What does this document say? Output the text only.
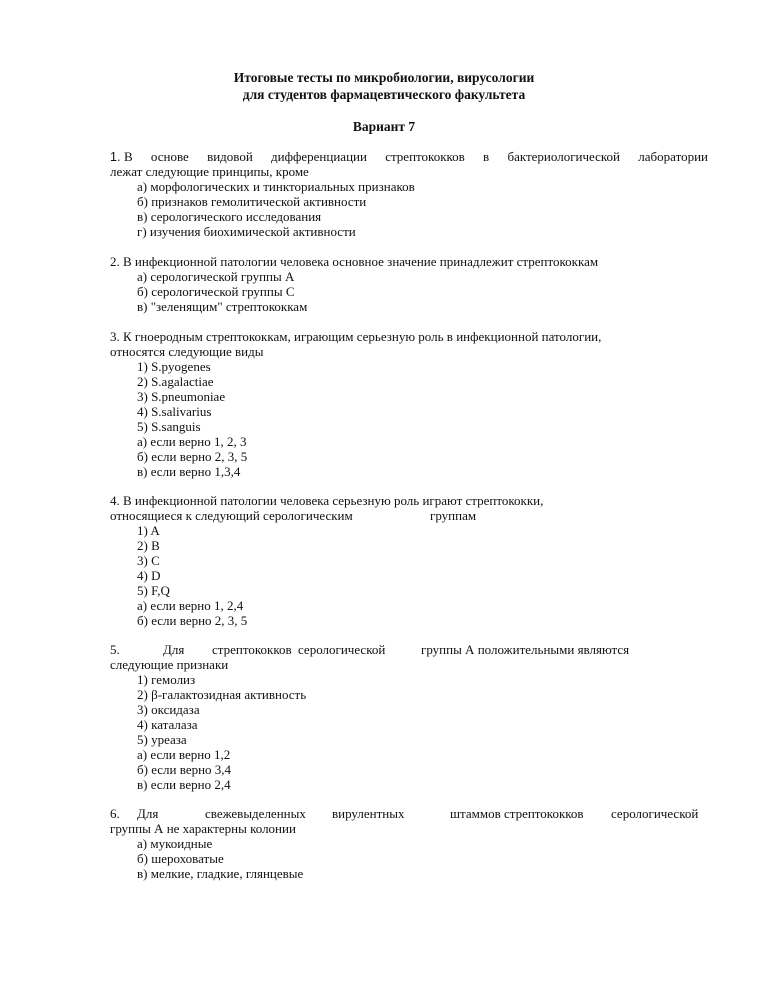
Итоговые тесты по микробиологии, вирусологии
для студентов фармацевтического факультета
Вариант 7
1. В основе видовой дифференциации стрептококков в бактериологической лаборатории
лежат следующие принципы, кроме
а) морфологических и тинкториальных признаков
б) признаков гемолитической активности
в) серологического исследования
г) изучения биохимической активности
2. В инфекционной патологии человека основное значение принадлежит стрептококкам
а) серологической группы А
б) серологической группы С
в) "зеленящим" стрептококкам
3. К гноеродным стрептококкам, играющим серьезную роль в инфекционной патологии,
относятся следующие виды
1) S.pyogenes
2) S.agalactiae
3) S.pneumoniae
4) S.salivarius
5) S.sanguis
а) если верно 1, 2, 3
б) если верно 2, 3, 5
в) если верно 1,3,4
4. В инфекционной патологии человека серьезную роль играют стрептококки,
относящиеся к следующий серологическим	группам
1) A
2) B
3) C
4) D
5) F,Q
а) если верно 1, 2,4
б) если верно 2, 3, 5
5.	Для стрептококков серологической	группы А положительными являются
следующие признаки
1) гемолиз
2) β-галактозидная активность
3) оксидаза
4) каталаза
5) уреаза
а) если верно 1,2
б) если верно 3,4
в) если верно 2,4
6. Для	свежевыделенных вирулентных	штаммов стрептококков серологической
группы А не характерны колонии
а) мукоидные
б) шероховатые
в) мелкие, гладкие, глянцевые
